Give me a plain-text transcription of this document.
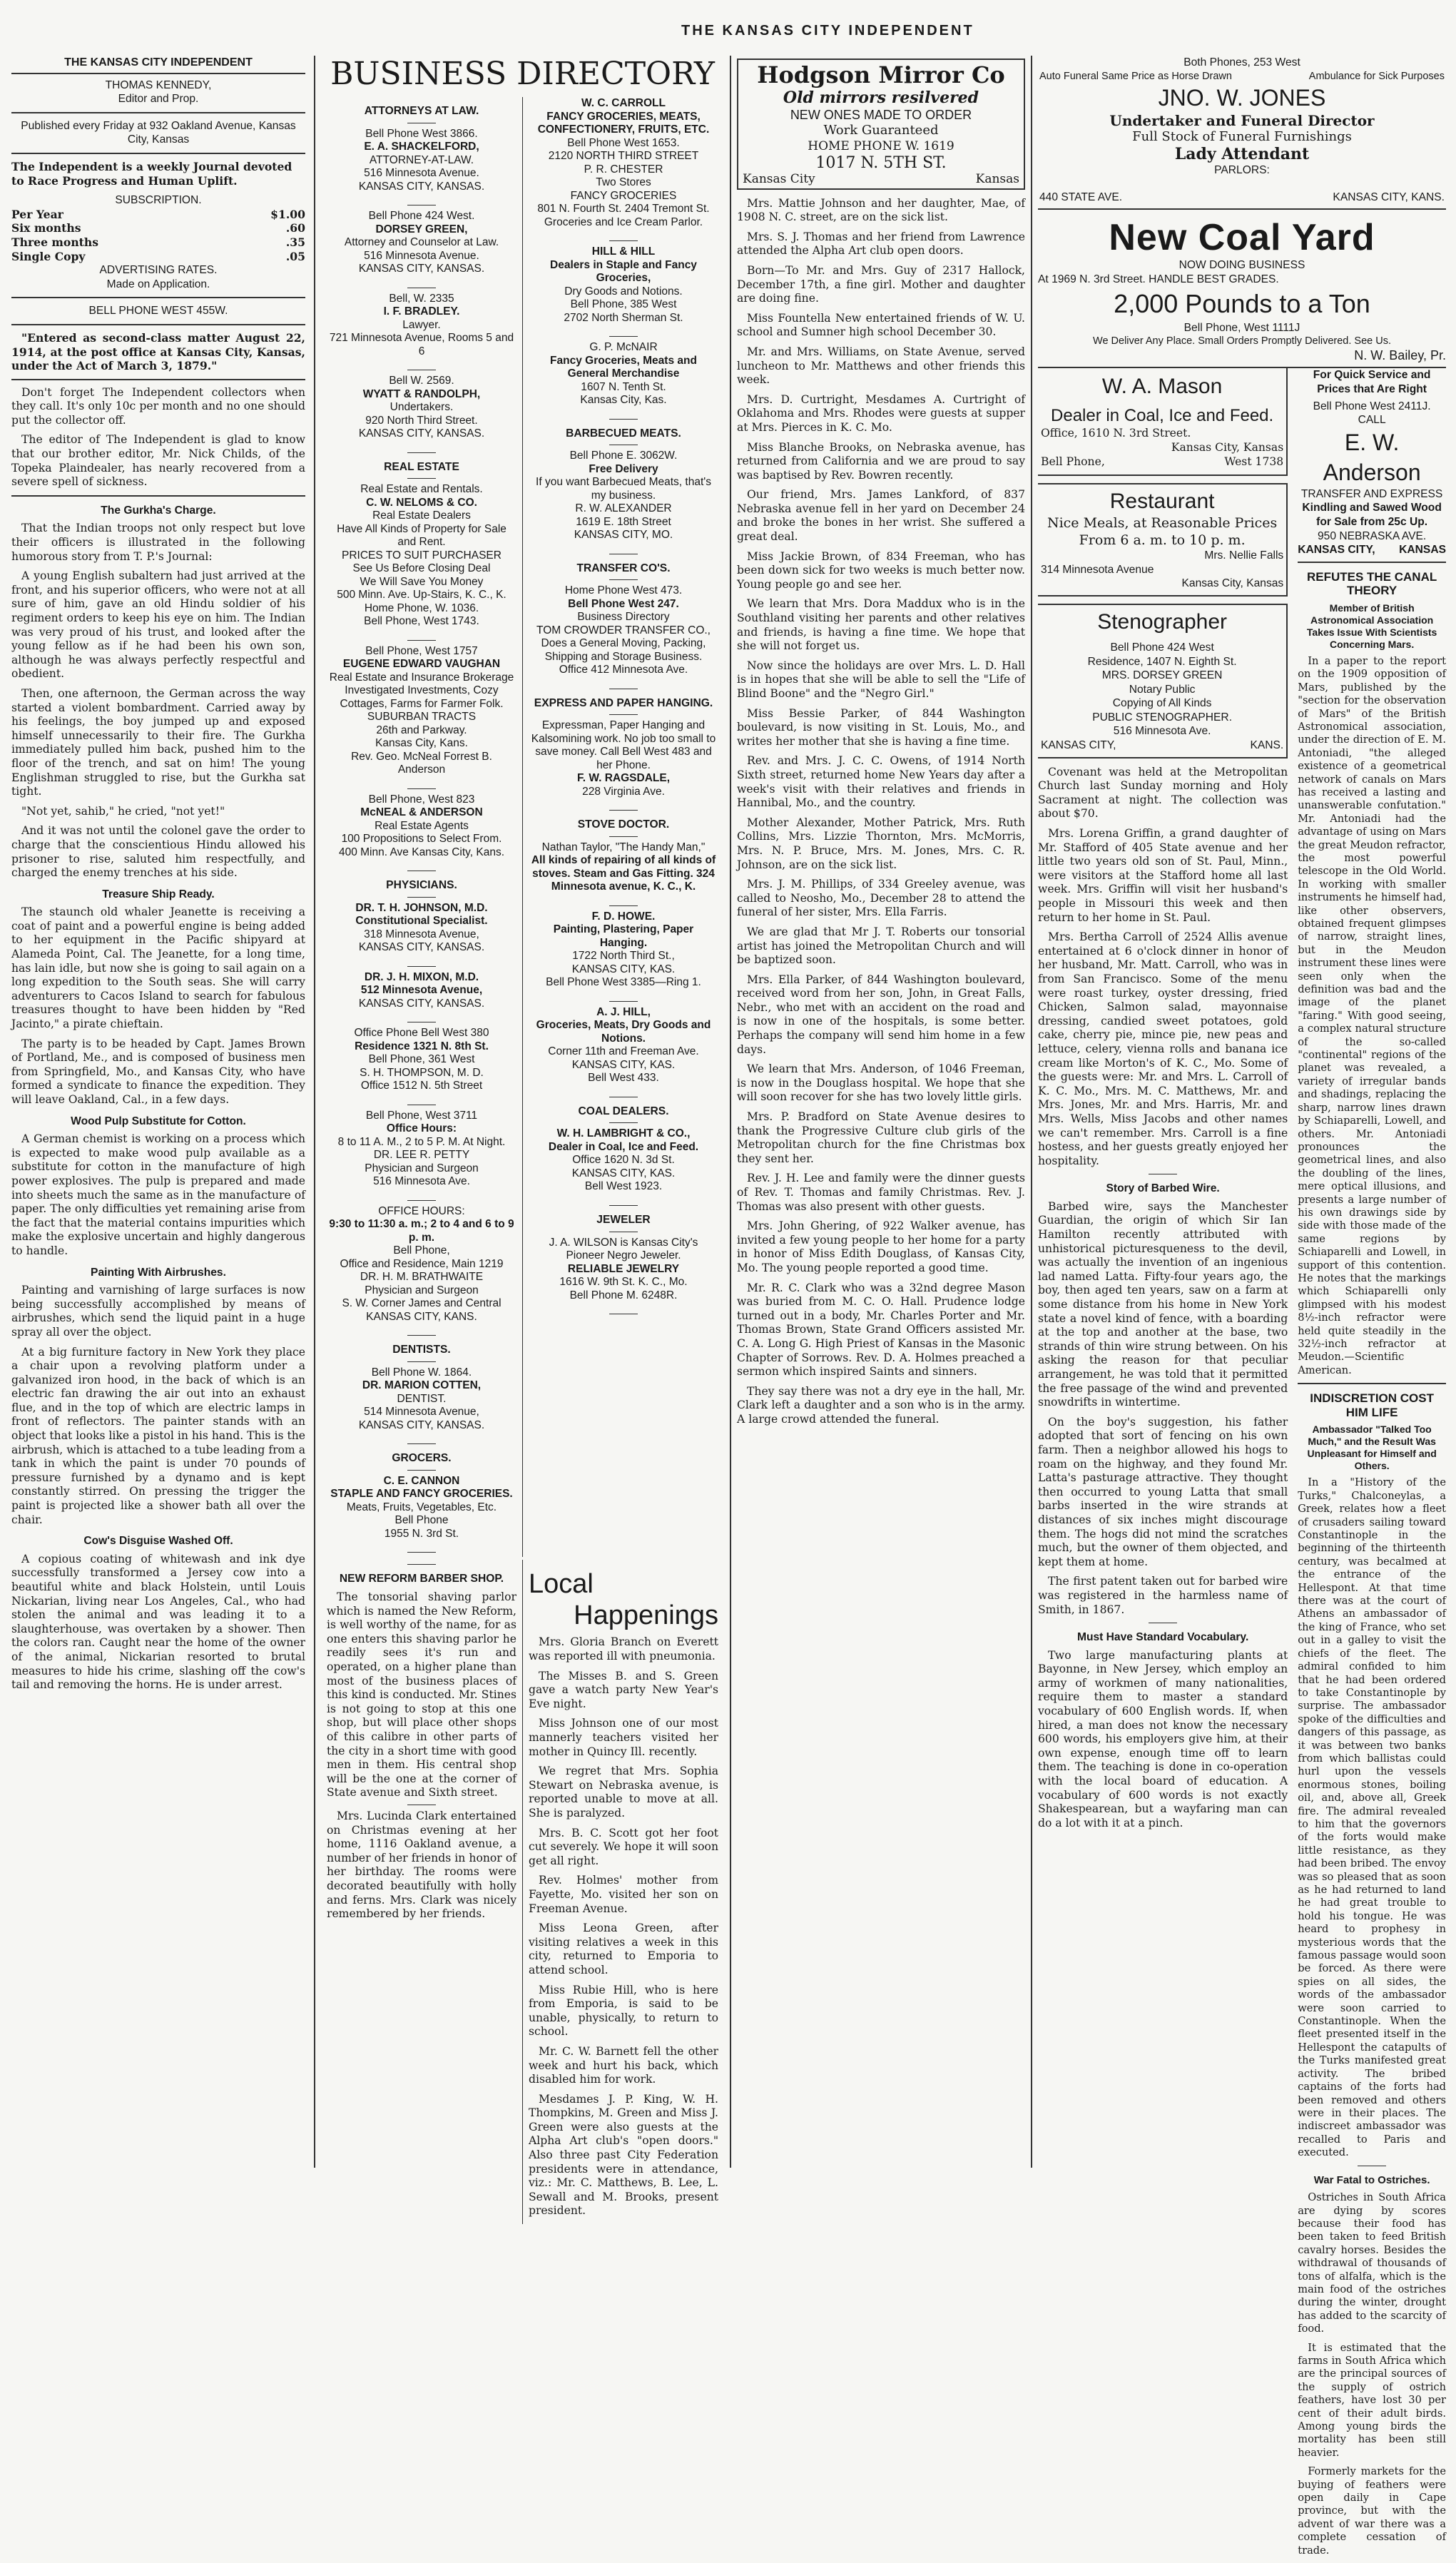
THE KANSAS CITY INDEPENDENT
THE KANSAS CITY INDEPENDENT
THOMAS KENNEDY,
Editor and Prop.
Published every Friday at 932 Oakland Avenue, Kansas City, Kansas
The Independent is a weekly Journal devoted to Race Progress and Human Uplift.
SUBSCRIPTION.
Per Year	$1.00
Six months	.60
Three months	.35
Single Copy	.05
ADVERTISING RATES.
Made on Application.
BELL PHONE WEST 455W.

"Entered as second-class matter August 22, 1914, at the post office at Kansas City, Kansas, under the Act of March 3, 1879."

Don't forget The Independent collectors when they call. It's only 10c per month and no one should put the collector off.

The editor of The Independent is glad to know that our brother editor, Mr. Nick Childs, of the Topeka Plaindealer, has nearly recovered from a severe spell of sickness.

The Gurkha's Charge.

That the Indian troops not only respect but love their officers is illustrated in the following humorous story from T. P.'s Journal:

A young English subaltern had just arrived at the front, and his superior officers, who were not at all sure of him, gave an old Hindu soldier of his regiment orders to keep his eye on him. The Indian was very proud of his trust, and looked after the young fellow as if he had been his own son, although he was always perfectly respectful and obedient.

Then, one afternoon, the German across the way started a violent bombardment. Carried away by his feelings, the boy jumped up and exposed himself unnecessarily to their fire. The Gurkha immediately pulled him back, pushed him to the floor of the trench, and sat on him! The young Englishman struggled to rise, but the Gurkha sat tight.

"Not yet, sahib," he cried, "not yet!"

And it was not until the colonel gave the order to charge that the conscientious Hindu allowed his prisoner to rise, saluted him respectfully, and charged the enemy trenches at his side.

Treasure Ship Ready.

The staunch old whaler Jeanette is receiving a coat of paint and a powerful engine is being added to her equipment in the Pacific shipyard at Alameda Point, Cal. The Jeanette, for a long time, has lain idle, but now she is going to sail again on a long expedition to the South seas. She will carry adventurers to Cacos Island to search for fabulous treasures thought to have been hidden by "Red Jacinto," a pirate chieftain.

The party is to be headed by Capt. James Brown of Portland, Me., and is composed of business men from Springfield, Mo., and Kansas City, who have formed a syndicate to finance the expedition. They will leave Oakland, Cal., in a few days.

Wood Pulp Substitute for Cotton.

A German chemist is working on a process which is expected to make wood pulp available as a substitute for cotton in the manufacture of high power explosives. The pulp is prepared and made into sheets much the same as in the manufacture of paper. The only difficulties yet remaining arise from the fact that the material contains impurities which make the explosive uncertain and highly dangerous to handle.

Painting With Airbrushes.

Painting and varnishing of large surfaces is now being successfully accomplished by means of airbrushes, which send the liquid paint in a huge spray all over the object.

At a big furniture factory in New York they place a chair upon a revolving platform under a galvanized iron hood, in the back of which is an electric fan drawing the air out into an exhaust flue, and in the top of which are electric lamps in front of reflectors. The painter stands with an object that looks like a pistol in his hand. This is the airbrush, which is attached to a tube leading from a tank in which the paint is under 70 pounds of pressure furnished by a dynamo and is kept constantly stirred. On pressing the trigger the paint is projected like a shower bath all over the chair.

Cow's Disguise Washed Off.

A copious coating of whitewash and ink dye successfully transformed a Jersey cow into a beautiful white and black Holstein, until Louis Nickarian, living near Los Angeles, Cal., who had stolen the animal and was leading it to a slaughterhouse, was overtaken by a shower. Then the colors ran. Caught near the home of the owner of the animal, Nickarian resorted to brutal measures to hide his crime, slashing off the cow's tail and removing the horns. He is under arrest.

BUSINESS DIRECTORY
ATTORNEYS AT LAW.

Bell Phone West 3866.

E. A. SHACKELFORD,

ATTORNEY-AT-LAW.

516 Minnesota Avenue.

KANSAS CITY, KANSAS.

Bell Phone 424 West.

DORSEY GREEN,

Attorney and Counselor at Law.

516 Minnesota Avenue.

KANSAS CITY, KANSAS.

Bell, W. 2335

I. F. BRADLEY.

Lawyer.

721 Minnesota Avenue, Rooms 5 and 6

Bell W. 2569.

WYATT & RANDOLPH,

Undertakers.

920 North Third Street.

KANSAS CITY, KANSAS.

REAL ESTATE

Real Estate and Rentals.

C. W. NELOMS & CO.

Real Estate Dealers

Have All Kinds of Property for Sale and Rent.

PRICES TO SUIT PURCHASER

See Us Before Closing Deal

We Will Save You Money

500 Minn. Ave. Up-Stairs, K. C., K.

Home Phone, W. 1036.

Bell Phone, West 1743.

Bell Phone, West 1757

EUGENE EDWARD VAUGHAN

Real Estate and Insurance Brokerage

Investigated Investments, Cozy Cottages, Farms for Farmer Folk.

SUBURBAN TRACTS

26th and Parkway.

Kansas City, Kans.

Rev. Geo. McNeal Forrest B. Anderson

Bell Phone, West 823

McNEAL & ANDERSON

Real Estate Agents

100 Propositions to Select From.

400 Minn. Ave Kansas City, Kans.

PHYSICIANS.

DR. T. H. JOHNSON, M.D.

Constitutional Specialist.

318 Minnesota Avenue,

KANSAS CITY, KANSAS.

DR. J. H. MIXON, M.D.

512 Minnesota Avenue,

KANSAS CITY, KANSAS.

Office Phone Bell West 380

Residence 1321 N. 8th St.

Bell Phone, 361 West

S. H. THOMPSON, M. D.

Office 1512 N. 5th Street

Bell Phone, West 3711

Office Hours:

8 to 11 A. M., 2 to 5 P. M. At Night.

DR. LEE R. PETTY

Physician and Surgeon

516 Minnesota Ave.

OFFICE HOURS:

9:30 to 11:30 a. m.; 2 to 4 and 6 to 9 p. m.

Bell Phone,

Office and Residence, Main 1219

DR. H. M. BRATHWAITE

Physician and Surgeon

S. W. Corner James and Central

KANSAS CITY, KANS.

DENTISTS.

Bell Phone W. 1864.

DR. MARION COTTEN,

DENTIST.

514 Minnesota Avenue,

KANSAS CITY, KANSAS.

GROCERS.

C. E. CANNON

STAPLE AND FANCY GROCERIES.

Meats, Fruits, Vegetables, Etc.

Bell Phone

1955 N. 3rd St.

W. C. CARROLL

FANCY GROCERIES, MEATS, CONFECTIONERY, FRUITS, ETC.

Bell Phone West 1653.

2120 NORTH THIRD STREET

P. R. CHESTER

Two Stores

FANCY GROCERIES

801 N. Fourth St. 2404 Tremont St.

Groceries and Ice Cream Parlor.

HILL & HILL

Dealers in Staple and Fancy Groceries,

Dry Goods and Notions.

Bell Phone, 385 West

2702 North Sherman St.

G. P. McNAIR

Fancy Groceries, Meats and General Merchandise

1607 N. Tenth St.

Kansas City, Kas.

BARBECUED MEATS.

Bell Phone E. 3062W.

Free Delivery

If you want Barbecued Meats, that's my business.

R. W. ALEXANDER

1619 E. 18th Street

KANSAS CITY, MO.

TRANSFER CO'S.

Home Phone West 473.

Bell Phone West 247.

Business Directory

TOM CROWDER TRANSFER CO.,

Does a General Moving, Packing, Shipping and Storage Business.

Office 412 Minnesota Ave.

EXPRESS AND PAPER HANGING.

Expressman, Paper Hanging and Kalsomining work. No job too small to save money. Call Bell West 483 and her Phone.

F. W. RAGSDALE,

228 Virginia Ave.

STOVE DOCTOR.

Nathan Taylor, "The Handy Man,"

All kinds of repairing of all kinds of stoves. Steam and Gas Fitting. 324 Minnesota avenue, K. C., K.

F. D. HOWE.

Painting, Plastering, Paper Hanging.

1722 North Third St.,

KANSAS CITY, KAS.

Bell Phone West 3385—Ring 1.

A. J. HILL,

Groceries, Meats, Dry Goods and Notions.

Corner 11th and Freeman Ave.

KANSAS CITY, KAS.

Bell West 433.

COAL DEALERS.

W. H. LAMBRIGHT & CO.,

Dealer in Coal, Ice and Feed.

Office 1620 N. 3d St.

KANSAS CITY, KAS.

Bell West 1923.

JEWELER

J. A. WILSON is Kansas City's Pioneer Negro Jeweler.

RELIABLE JEWELRY

1616 W. 9th St. K. C., Mo.

Bell Phone M. 6248R.

NEW REFORM BARBER SHOP.

The tonsorial shaving parlor which is named the New Reform, is well worthy of the name, for as one enters this shaving parlor he readily sees it's run and operated, on a higher plane than most of the business places of this kind is conducted. Mr. Stines is not going to stop at this one shop, but will place other shops of this calibre in other parts of the city in a short time with good men in them. His central shop will be the one at the corner of State avenue and Sixth street.

Mrs. Lucinda Clark entertained on Christmas evening at her home, 1116 Oakland avenue, a number of her friends in honor of her birthday. The rooms were decorated beautifully with holly and ferns. Mrs. Clark was nicely remembered by her friends.

Local
Happenings

Mrs. Gloria Branch on Everett was reported ill with pneumonia.

The Misses B. and S. Green gave a watch party New Year's Eve night.

Miss Johnson one of our most mannerly teachers visited her mother in Quincy Ill. recently.

We regret that Mrs. Sophia Stewart on Nebraska avenue, is reported unable to move at all. She is paralyzed.

Mrs. B. C. Scott got her foot cut severely. We hope it will soon get all right.

Rev. Holmes' mother from Fayette, Mo. visited her son on Freeman Avenue.

Miss Leona Green, after visiting relatives a week in this city, returned to Emporia to attend school.

Miss Rubie Hill, who is here from Emporia, is said to be unable, physically, to return to school.

Mr. C. W. Barnett fell the other week and hurt his back, which disabled him for work.

Mesdames J. P. King, W. H. Thompkins, M. Green and Miss J. Green were also guests at the Alpha Art club's "open doors." Also three past City Federation presidents were in attendance, viz.: Mr. C. Matthews, B. Lee, L. Sewall and M. Brooks, present president.

Hodgson Mirror Co
Old mirrors resilvered
NEW ONES MADE TO ORDER
Work Guaranteed
HOME PHONE W. 1619
1017 N. 5TH ST.
Kansas City	Kansas

Mrs. Mattie Johnson and her daughter, Mae, of 1908 N. C. street, are on the sick list.

Mrs. S. J. Thomas and her friend from Lawrence attended the Alpha Art club open doors.

Born—To Mr. and Mrs. Guy of 2317 Hallock, December 17th, a fine girl. Mother and daughter are doing fine.

Miss Fountella New entertained friends of W. U. school and Sumner high school December 30.

Mr. and Mrs. Williams, on State Avenue, served luncheon to Mr. Matthews and other friends this week.

Mrs. D. Curtright, Mesdames A. Curtright of Oklahoma and Mrs. Rhodes were guests at supper at Mrs. Pierces in K. C. Mo.

Miss Blanche Brooks, on Nebraska avenue, has returned from California and we are proud to say was baptised by Rev. Bowren recently.

Our friend, Mrs. James Lankford, of 837 Nebraska avenue fell in her yard on December 24 and broke the bones in her wrist. She suffered a great deal.

Miss Jackie Brown, of 834 Freeman, who has been down sick for two weeks is much better now. Young people go and see her.

We learn that Mrs. Dora Maddux who is in the Southland visiting her parents and other relatives and friends, is having a fine time. We hope that she will not forget us.

Now since the holidays are over Mrs. L. D. Hall is in hopes that she will be able to sell the "Life of Blind Boone" and the "Negro Girl."

Miss Bessie Parker, of 844 Washington boulevard, is now visiting in St. Louis, Mo., and writes her mother that she is having a fine time.

Rev. and Mrs. J. C. C. Owens, of 1914 North Sixth street, returned home New Years day after a week's visit with their relatives and friends in Hannibal, Mo., and the country.

Mother Alexander, Mother Patrick, Mrs. Ruth Collins, Mrs. Lizzie Thornton, Mrs. McMorris, Mrs. N. P. Bruce, Mrs. M. Jones, Mrs. C. R. Johnson, are on the sick list.

Mrs. J. M. Phillips, of 334 Greeley avenue, was called to Neosho, Mo., December 28 to attend the funeral of her sister, Mrs. Ella Farris.

We are glad that Mr J. T. Roberts our tonsorial artist has joined the Metropolitan Church and will be baptized soon.

Mrs. Ella Parker, of 844 Washington boulevard, received word from her son, John, in Great Falls, Nebr., who met with an accident on the road and is now in one of the hospitals, is some better. Perhaps the company will send him home in a few days.

We learn that Mrs. Anderson, of 1046 Freeman, is now in the Douglass hospital. We hope that she will soon recover for she has two lovely little girls.

Mrs. P. Bradford on State Avenue desires to thank the Progressive Culture club girls of the Metropolitan church for the fine Christmas box they sent her.

Rev. J. H. Lee and family were the dinner guests of Rev. T. Thomas and family Christmas. Rev. J. Thomas was also present with other guests.

Mrs. John Ghering, of 922 Walker avenue, has invited a few young people to her home for a party in honor of Miss Edith Douglass, of Kansas City, Mo. The young people reported a good time.

Mr. R. C. Clark who was a 32nd degree Mason was buried from M. C. O. Hall. Prudence lodge turned out in a body, Mr. Charles Porter and Mr. Thomas Brown, State Grand Officers assisted Mr. C. A. Long G. High Priest of Kansas in the Masonic Chapter of Sorrows. Rev. D. A. Holmes preached a sermon which inspired Saints and sinners.

They say there was not a dry eye in the hall, Mr. Clark left a daughter and a son who is in the army. A large crowd attended the funeral.

Both Phones, 253 West
Auto Funeral Same Price as Horse Drawn	Ambulance for Sick Purposes
JNO. W. JONES
Undertaker and Funeral Director
Full Stock of Funeral Furnishings
Lady Attendant
PARLORS:
440 STATE AVE.	KANSAS CITY, KANS.
New Coal Yard
NOW DOING BUSINESS
At 1969 N. 3rd Street. HANDLE BEST GRADES.
2,000 Pounds to a Ton
Bell Phone, West 1111J
We Deliver Any Place. Small Orders Promptly Delivered. See Us.
N. W. Bailey, Pr.
W. A. Mason
Dealer in Coal, Ice and Feed.
Office, 1610 N. 3rd Street.
Kansas City, Kansas
Bell Phone,	West 1738
Restaurant
Nice Meals, at Reasonable Prices
From 6 a. m. to 10 p. m.
Mrs. Nellie Falls
314 Minnesota Avenue
Kansas City, Kansas
Stenographer
Bell Phone 424 West
Residence, 1407 N. Eighth St.
MRS. DORSEY GREEN
Notary Public
Copying of All Kinds
PUBLIC STENOGRAPHER.
516 Minnesota Ave.
KANSAS CITY,	KANS.

Covenant was held at the Metropolitan Church last Sunday morning and Holy Sacrament at night. The collection was about $70.

Mrs. Lorena Griffin, a grand daughter of Mr. Stafford of 405 State avenue and her little two years old son of St. Paul, Minn., were visitors at the Stafford home all last week. Mrs. Griffin will visit her husband's people in Missouri this week and then return to her home in St. Paul.

Mrs. Bertha Carroll of 2524 Allis avenue entertained at 6 o'clock dinner in honor of her husband, Mr. Matt. Carroll, who was in from San Francisco. Some of the menu were roast turkey, oyster dressing, fried Chicken, Salmon salad, mayonnaise dressing, candied sweet potatoes, gold cake, cherry pie, mince pie, new peas and lettuce, celery, vienna rolls and banana ice cream like Morton's of K. C., Mo. Some of the guests were: Mr. and Mrs. L. Carroll of K. C. Mo., Mrs. M. C. Matthews, Mr. and Mrs. Jones, Mr. and Mrs. Harris, Mr. and Mrs. Wells, Miss Jacobs and other names we can't remember. Mrs. Carroll is a fine hostess, and her guests greatly enjoyed her hospitality.

Story of Barbed Wire.

Barbed wire, says the Manchester Guardian, the origin of which Sir Ian Hamilton recently attributed with unhistorical picturesqueness to the devil, was actually the invention of an ingenious lad named Latta. Fifty-four years ago, the boy, then aged ten years, saw on a farm at some distance from his home in New York state a novel kind of fence, with a boarding at the top and another at the base, two strands of thin wire strung between. On his asking the reason for that peculiar arrangement, he was told that it permitted the free passage of the wind and prevented snowdrifts in wintertime.

On the boy's suggestion, his father adopted that sort of fencing on his own farm. Then a neighbor allowed his hogs to roam on the highway, and they found Mr. Latta's pasturage attractive. They thought then occurred to young Latta that small barbs inserted in the wire strands at distances of six inches might discourage them. The hogs did not mind the scratches much, but the owner of them objected, and kept them at home.

The first patent taken out for barbed wire was registered in the harmless name of Smith, in 1867.

Must Have Standard Vocabulary.

Two large manufacturing plants at Bayonne, in New Jersey, which employ an army of workmen of many nationalities, require them to master a standard vocabulary of 600 English words. If, when hired, a man does not know the necessary 600 words, his employers give him, at their own expense, enough time off to learn them. The teaching is done in co-operation with the local board of education. A vocabulary of 600 words is not exactly Shakespearean, but a wayfaring man can do a lot with it at a pinch.

For Quick Service and Prices that Are Right
Bell Phone West 2411J.
CALL
E. W. Anderson
TRANSFER AND EXPRESS
Kindling and Sawed Wood for Sale from 25c Up.
950 NEBRASKA AVE.
KANSAS CITY, KANSAS
REFUTES THE CANAL THEORY
Member of British Astronomical Association Takes Issue With Scientists Concerning Mars.

In a paper to the report on the 1909 opposition of Mars, published by the "section for the observation of Mars" of the British Astronomical association, under the direction of E. M. Antoniadi, "the alleged existence of a geometrical network of canals on Mars has received a lasting and unanswerable confutation." Mr. Antoniadi had the advantage of using on Mars the great Meudon refractor, the most powerful telescope in the Old World. In working with smaller instruments he himself had, like other observers, obtained frequent glimpses of narrow, straight lines, but in the Meudon instrument these lines were seen only when the definition was bad and the image of the planet "faring." With good seeing, a complex natural structure of the so-called "continental" regions of the planet was revealed, a variety of irregular bands and shadings, replacing the sharp, narrow lines drawn by Schiaparelli, Lowell, and others. Mr. Antoniadi pronounces the geometrical lines, and also the doubling of the lines, mere optical illusions, and presents a large number of his own drawings side by side with those made of the same regions by Schiaparelli and Lowell, in support of this contention. He notes that the markings which Schiaparelli only glimpsed with his modest 8½-inch refractor were held quite steadily in the 32½-inch refractor at Meudon.—Scientific American.

INDISCRETION COST HIM LIFE
Ambassador "Talked Too Much," and the Result Was Unpleasant for Himself and Others.

In a "History of the Turks," Chalconeylas, a Greek, relates how a fleet of crusaders sailing toward Constantinople in the beginning of the thirteenth century, was becalmed at the entrance of the Hellespont. At that time there was at the court of Athens an ambassador of the king of France, who set out in a galley to visit the chiefs of the fleet. The admiral confided to him that he had been ordered to take Constantinople by surprise. The ambassador spoke of the difficulties and dangers of this passage, as it was between two banks from which ballistas could hurl upon the vessels enormous stones, boiling oil, and, above all, Greek fire. The admiral revealed to him that the governors of the forts would make little resistance, as they had been bribed. The envoy was so pleased that as soon as he had returned to land he had great trouble to hold his tongue. He was heard to prophesy in mysterious words that the famous passage would soon be forced. As there were spies on all sides, the words of the ambassador were soon carried to Constantinople. When the fleet presented itself in the Hellespont the catapults of the Turks manifested great activity. The bribed captains of the forts had been removed and others were in their places. The indiscreet ambassador was recalled to Paris and executed.

War Fatal to Ostriches.

Ostriches in South Africa are dying by scores because their food has been taken to feed British cavalry horses. Besides the withdrawal of thousands of tons of alfalfa, which is the main food of the ostriches during the winter, drought has added to the scarcity of food.

It is estimated that the farms in South Africa which are the principal sources of the supply of ostrich feathers, have lost 30 per cent of their adult birds. Among young birds the mortality has been still heavier.

Formerly markets for the buying of feathers were open daily in Cape province, but with the advent of war there was a complete cessation of trade.
